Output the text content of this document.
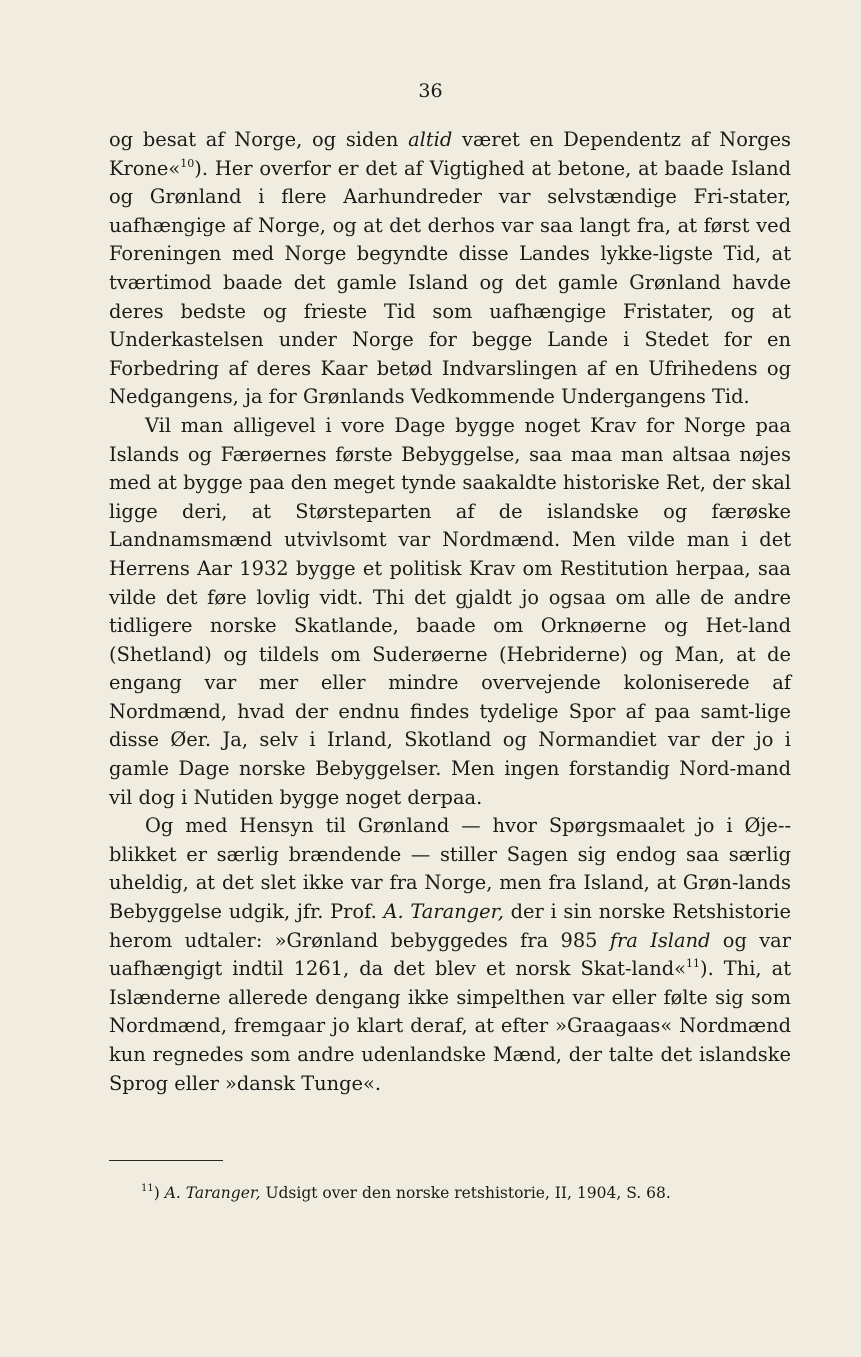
36

og besat af Norge, og siden altid været en Dependentz af Norges Krone«$^{10}$). Her overfor er det af Vigtighed at betone, at baade Island og Grønland i flere Aarhundreder var selvstændige Fri-stater, uafhængige af Norge, og at det derhos var saa langt fra, at først ved Foreningen med Norge begyndte disse Landes lykke-ligste Tid, at tværtimod baade det gamle Island og det gamle Grønland havde deres bedste og frieste Tid som uafhængige Fristater, og at Underkastelsen under Norge for begge Lande i Stedet for en Forbedring af deres Kaar betød Indvarslingen af en Ufrihedens og Nedgangens, ja for Grønlands Vedkommende Undergangens Tid.

Vil man alligevel i vore Dage bygge noget Krav for Norge paa Islands og Færøernes første Bebyggelse, saa maa man altsaa nøjes med at bygge paa den meget tynde saakaldte historiske Ret, der skal ligge deri, at Størsteparten af de islandske og færøske Landnamsmænd utvivlsomt var Nordmænd. Men vilde man i det Herrens Aar 1932 bygge et politisk Krav om Restitution herpaa, saa vilde det føre lovlig vidt. Thi det gjaldt jo ogsaa om alle de andre tidligere norske Skatlande, baade om Orknøerne og Het-land (Shetland) og tildels om Suderøerne (Hebriderne) og Man, at de engang var mer eller mindre overvejende koloniserede af Nordmænd, hvad der endnu findes tydelige Spor af paa samt-lige disse Øer. Ja, selv i Irland, Skotland og Normandiet var der jo i gamle Dage norske Bebyggelser. Men ingen forstandig Nord-mand vil dog i Nutiden bygge noget derpaa.

Og med Hensyn til Grønland — hvor Spørgsmaalet jo i Øje-blikket er særlig brændende — stiller Sagen sig endog saa særlig uheldig, at det slet ikke var fra Norge, men fra Island, at Grøn-lands Bebyggelse udgik, jfr. Prof. A. Taranger, der i sin norske Retshistorie herom udtaler: »Grønland bebyggedes fra 985 fra Island og var uafhængigt indtil 1261, da det blev et norsk Skat-land«$^{11}$). Thi, at Islænderne allerede dengang ikke simpelthen var eller følte sig som Nordmænd, fremgaar jo klart deraf, at efter »Graagaas« Nordmænd kun regnedes som andre udenlandske Mænd, der talte det islandske Sprog eller »dansk Tunge«.

$^{11}$) A. Taranger, Udsigt over den norske retshistorie, II, 1904, S. 68.
